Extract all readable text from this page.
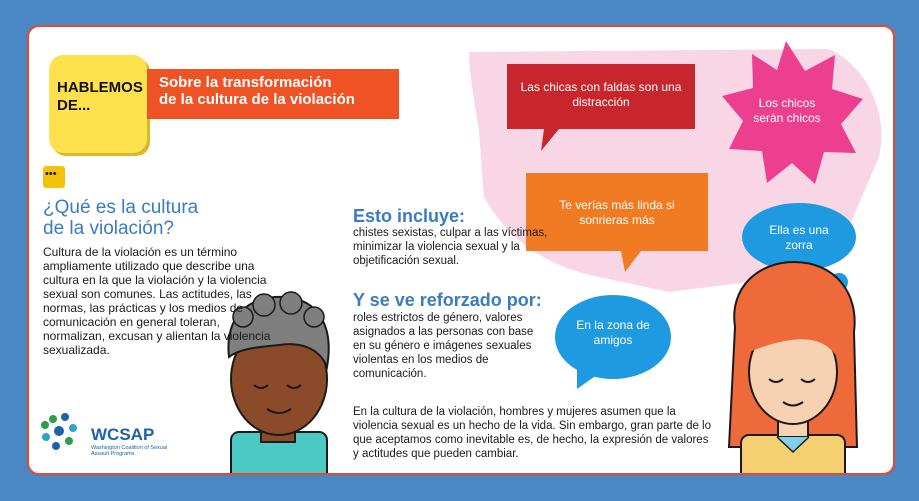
HABLEMOS DE...
Sobre la transformación
de la cultura de la violación
•••
¿Qué es la cultura
de la violación?
Cultura de la violación es un término ampliamente utilizado que describe una cultura en la que la violación y la violencia sexual son comunes. Las actitudes, las normas, las prácticas y los medios de comunicación en general toleran, normalizan, excusan y alientan la violencia sexualizada.
Esto incluye:
chistes sexistas, culpar a las víctimas, minimizar la violencia sexual y la objetificación sexual.
Y se ve reforzado por:
roles estrictos de género, valores asignados a las personas con base en su género e imágenes sexuales violentas en los medios de comunicación.
En la cultura de la violación, hombres y mujeres asumen que la violencia sexual es un hecho de la vida. Sin embargo, gran parte de lo que aceptamos como inevitable es, de hecho, la expresión de valores y actitudes que pueden cambiar.
Las chicas con faldas son una distracción	Los chicos serán chicos
Te verías más linda si sonrieras más
Ella es una zorra
En la zona de amigos
WCSAP
Washington Coalition of Sexual Assault Programs
